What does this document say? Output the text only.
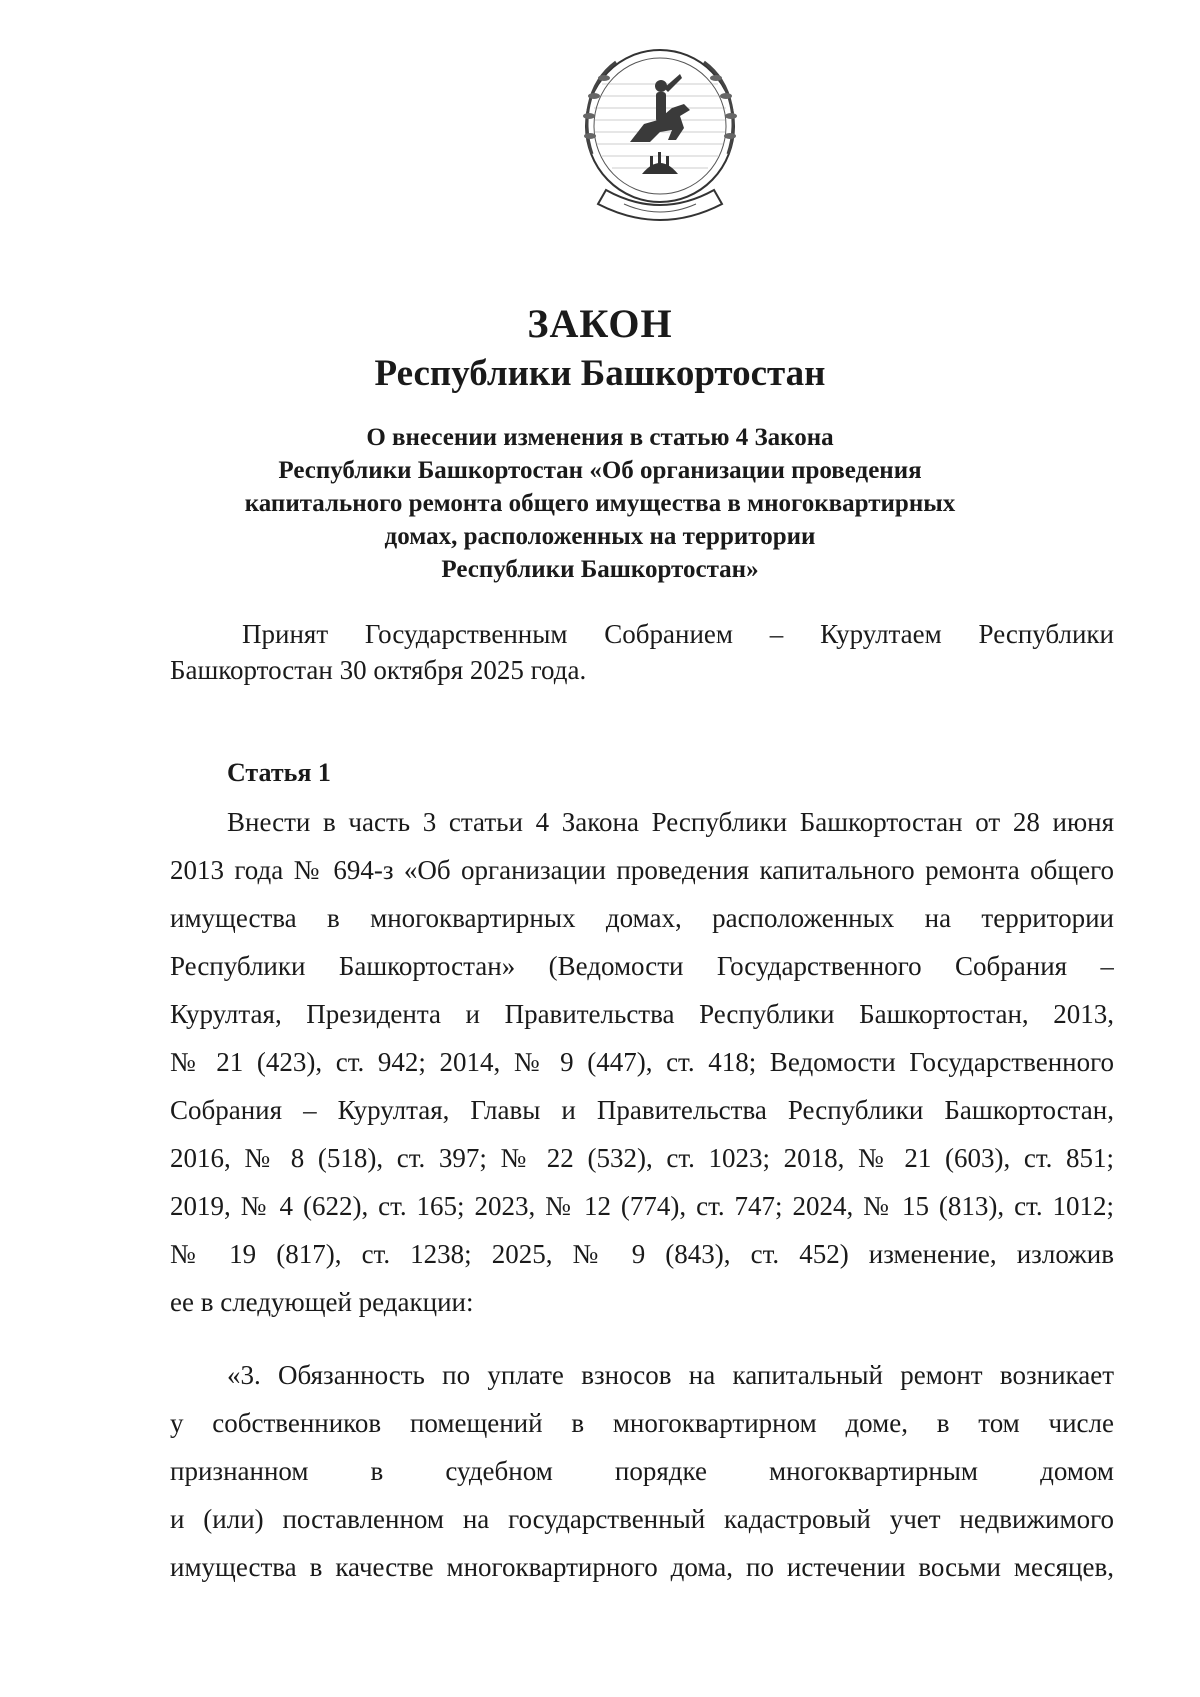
ЗАКОН
Республики Башкортостан
О внесении изменения в статью 4 Закона
Республики Башкортостан «Об организации проведения
капитального ремонта общего имущества в многоквартирных
домах, расположенных на территории
Республики Башкортостан»
Принят Государственным Собранием – Курултаем Республики
Башкортостан 30 октября 2025 года.
Статья 1
Внести в часть 3 статьи 4 Закона Республики Башкортостан от 28 июня
2013 года № 694-з «Об организации проведения капитального ремонта общего
имущества в многоквартирных домах, расположенных на территории
Республики Башкортостан» (Ведомости Государственного Собрания –
Курултая, Президента и Правительства Республики Башкортостан, 2013,
№ 21 (423), ст. 942; 2014, № 9 (447), ст. 418; Ведомости Государственного
Собрания – Курултая, Главы и Правительства Республики Башкортостан,
2016, № 8 (518), ст. 397; № 22 (532), ст. 1023; 2018, № 21 (603), ст. 851;
2019, № 4 (622), ст. 165; 2023, № 12 (774), ст. 747; 2024, № 15 (813), ст. 1012;
№ 19 (817), ст. 1238; 2025, № 9 (843), ст. 452) изменение, изложив
ее в следующей редакции:
«3. Обязанность по уплате взносов на капитальный ремонт возникает
у собственников помещений в многоквартирном доме, в том числе
признанном в судебном порядке многоквартирным домом
и (или) поставленном на государственный кадастровый учет недвижимого
имущества в качестве многоквартирного дома, по истечении восьми месяцев,
